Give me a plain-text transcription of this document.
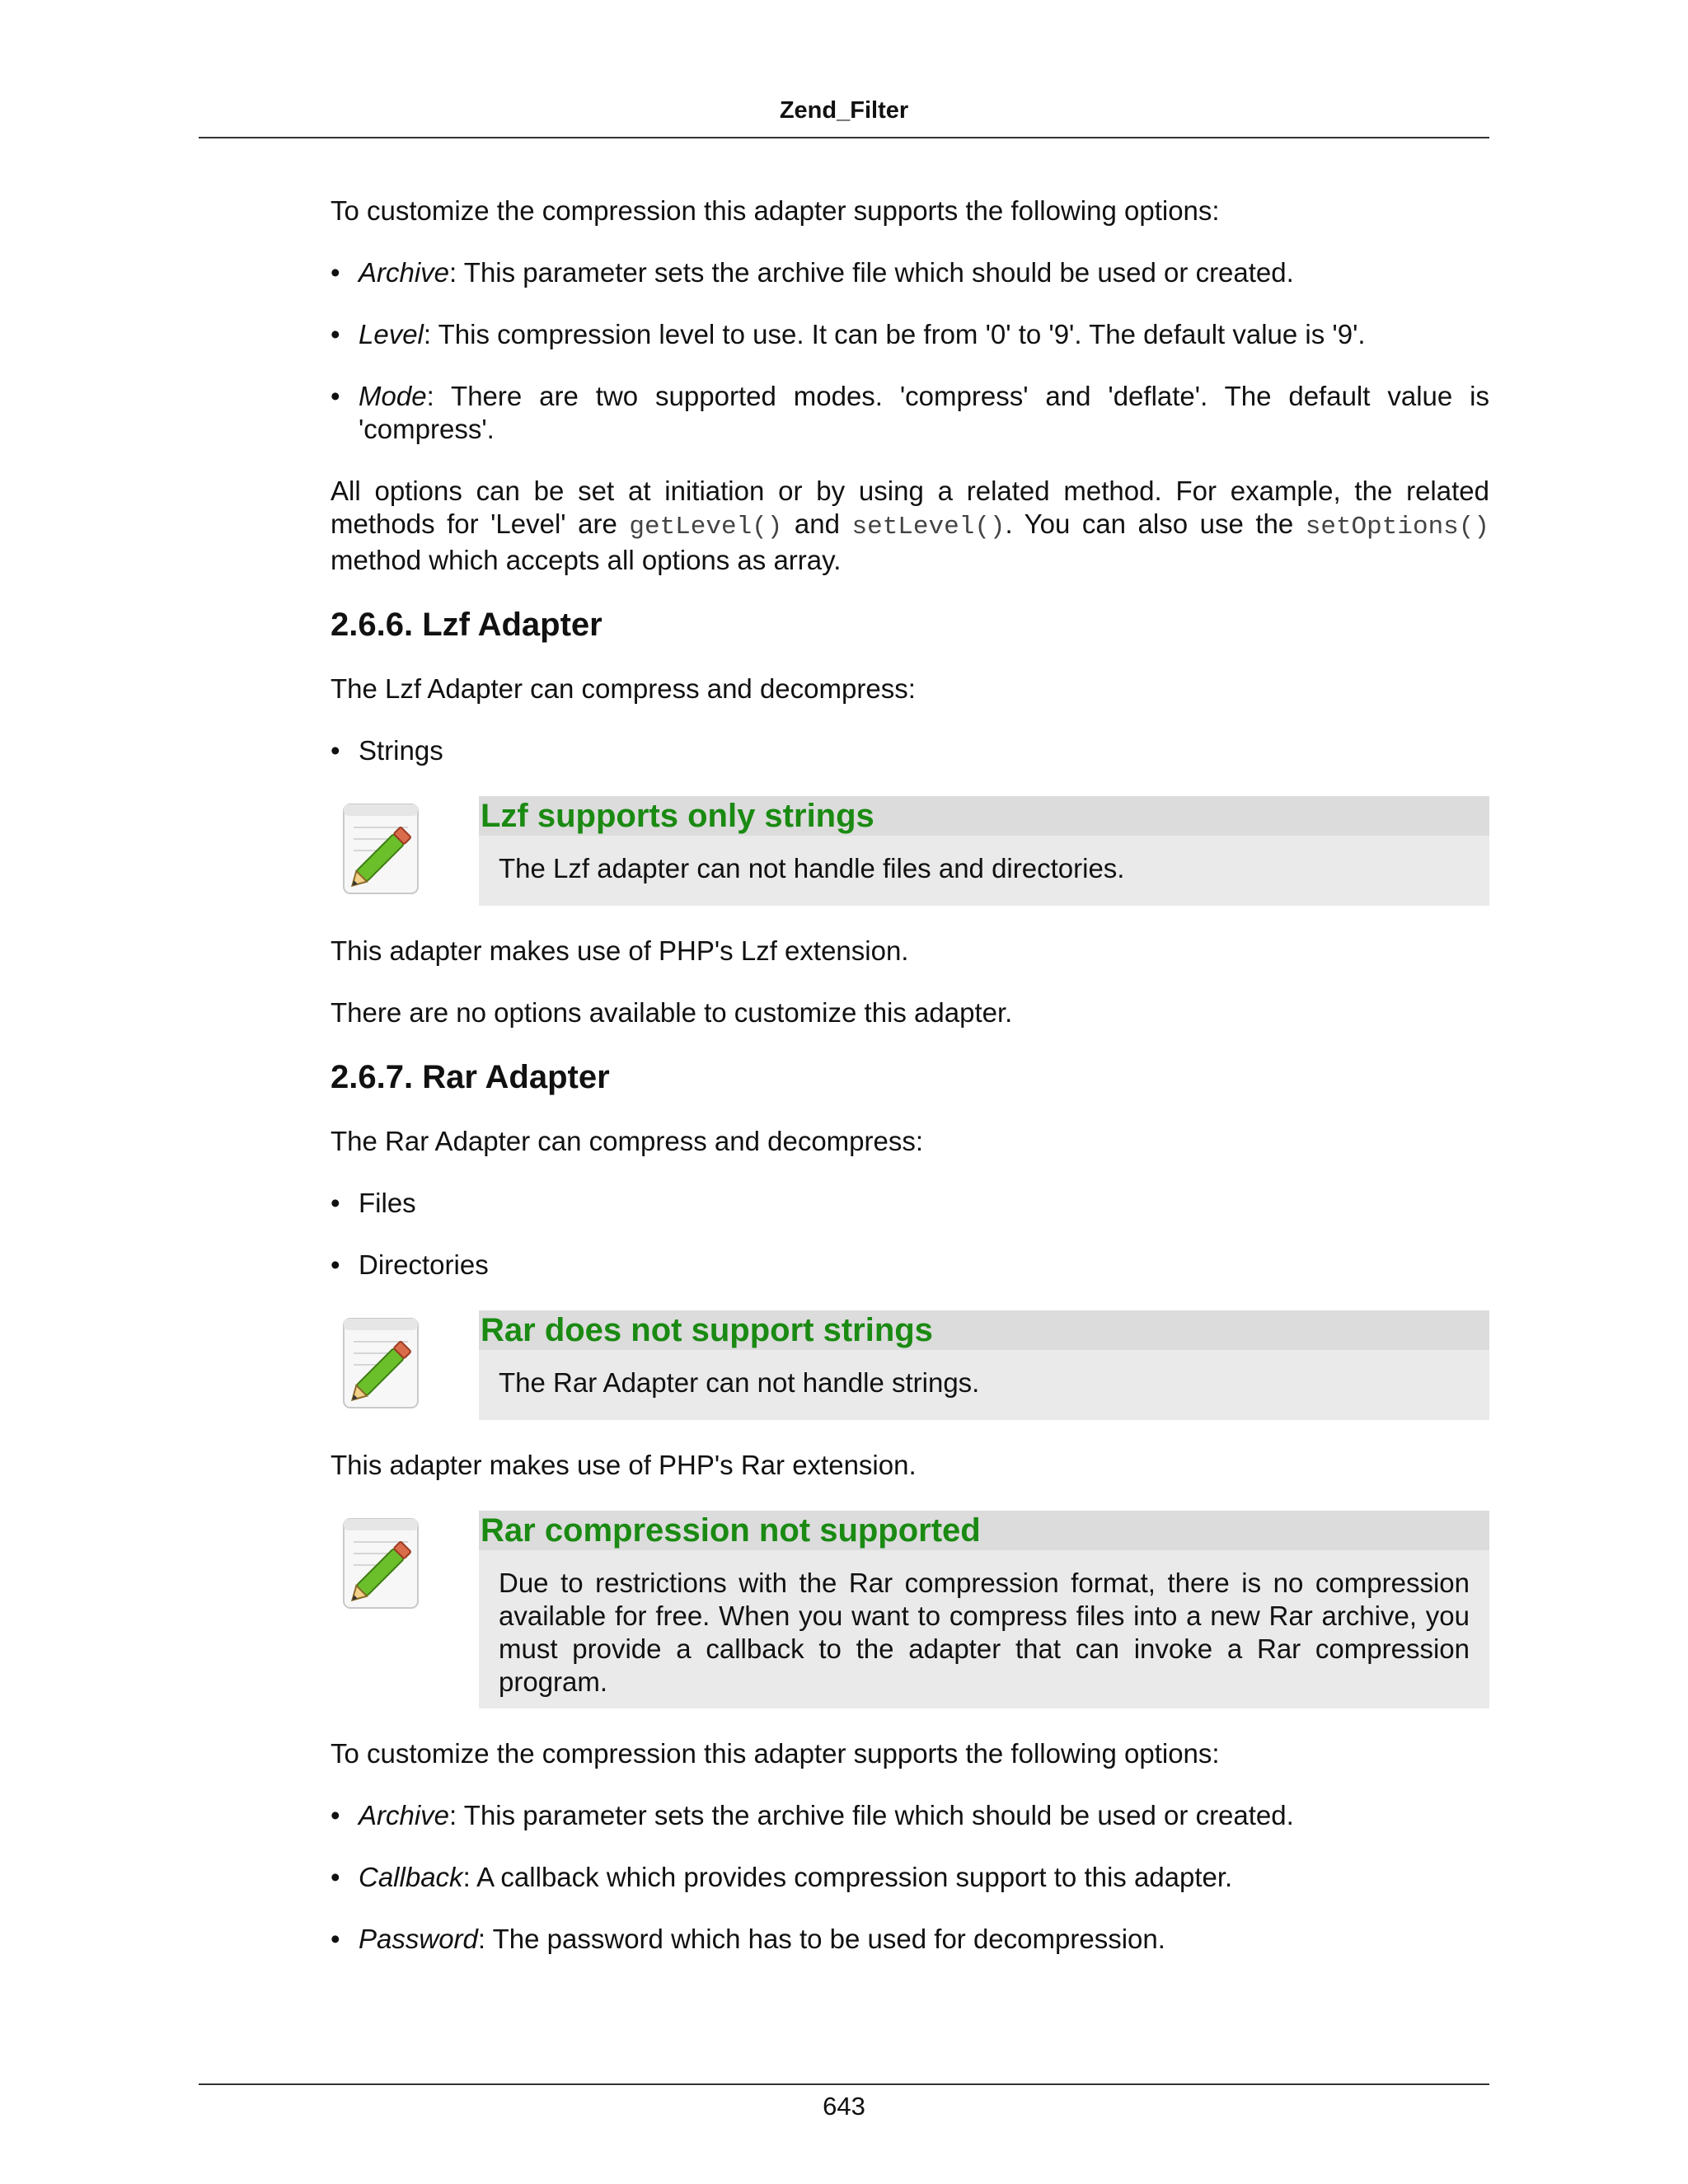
Zend_Filter

To customize the compression this adapter supports the following options:

• Archive: This parameter sets the archive file which should be used or created.
• Level: This compression level to use. It can be from '0' to '9'. The default value is '9'.
• Mode: There are two supported modes. 'compress' and 'deflate'. The default value is 'compress'.

All options can be set at initiation or by using a related method. For example, the related methods for 'Level' are getLevel() and setLevel(). You can also use the setOptions() method which accepts all options as array.

2.6.6. Lzf Adapter

The Lzf Adapter can compress and decompress:

• Strings
Lzf supports only strings

The Lzf adapter can not handle files and directories.

This adapter makes use of PHP's Lzf extension.

There are no options available to customize this adapter.

2.6.7. Rar Adapter

The Rar Adapter can compress and decompress:

• Files
• Directories
Rar does not support strings

The Rar Adapter can not handle strings.

This adapter makes use of PHP's Rar extension.

Rar compression not supported

Due to restrictions with the Rar compression format, there is no compression available for free. When you want to compress files into a new Rar archive, you must provide a callback to the adapter that can invoke a Rar compression program.

To customize the compression this adapter supports the following options:

• Archive: This parameter sets the archive file which should be used or created.
• Callback: A callback which provides compression support to this adapter.
• Password: The password which has to be used for decompression.
643
